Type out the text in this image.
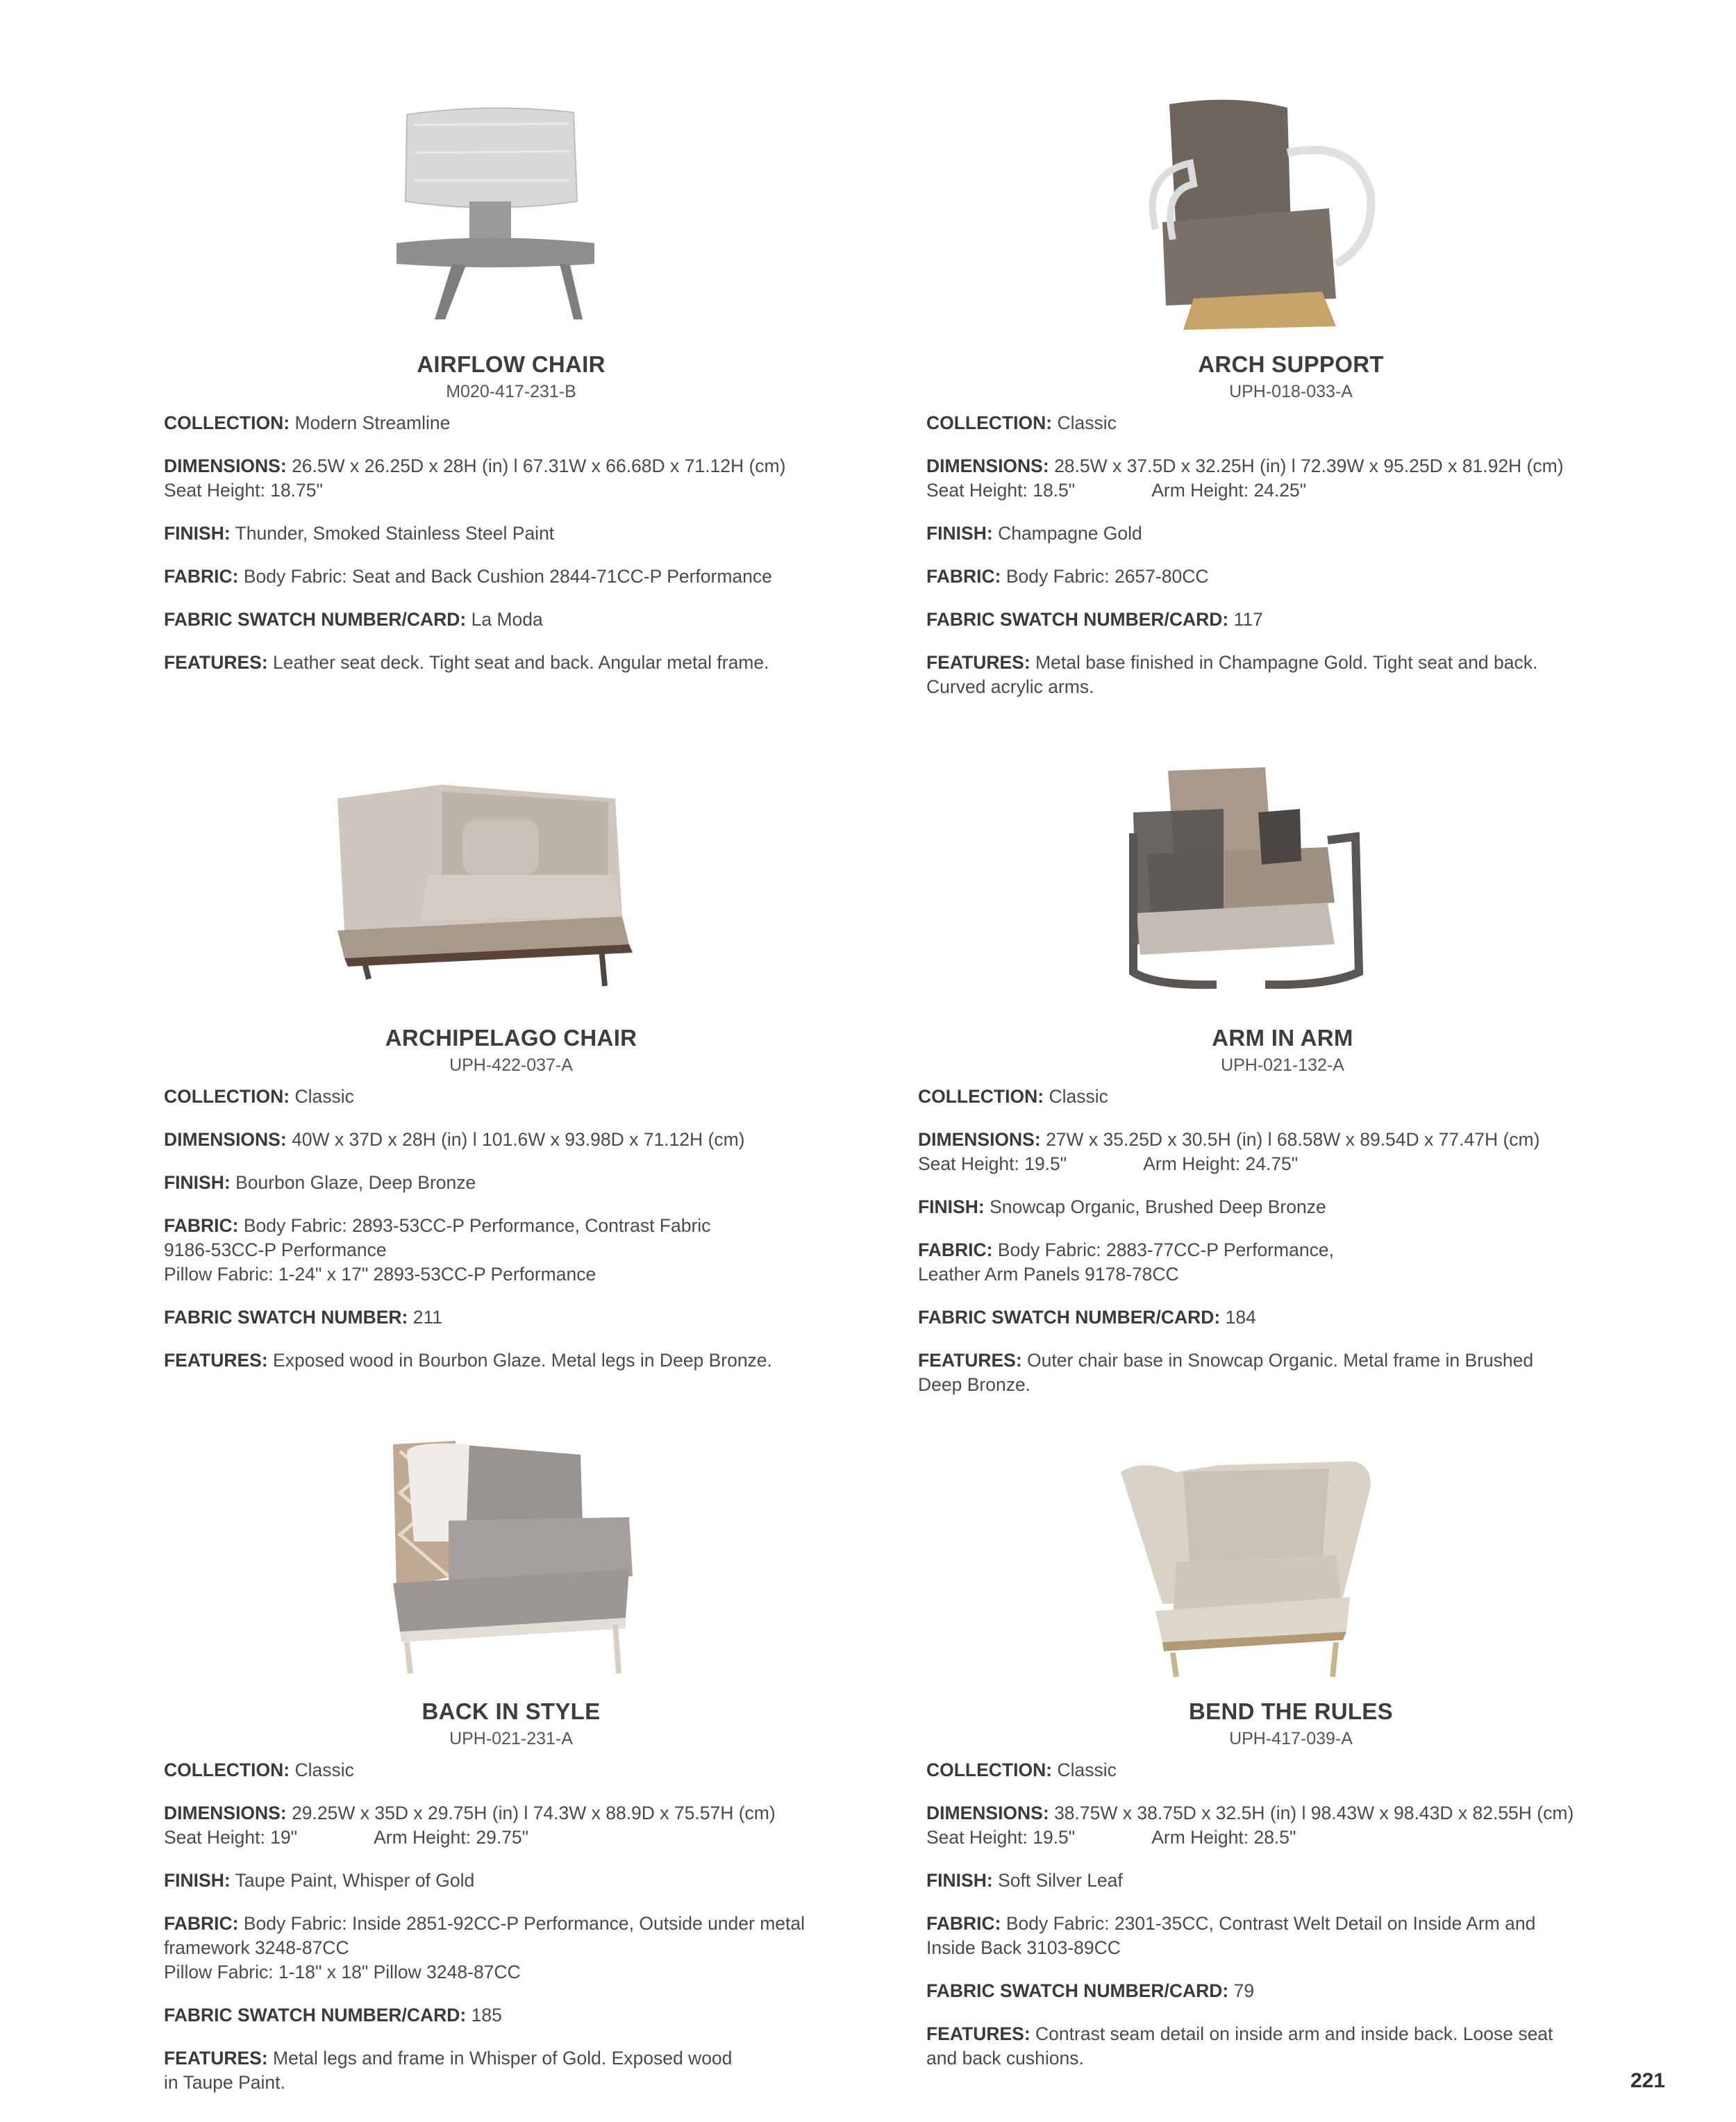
AIRFLOW CHAIR
M020-417-231-B
COLLECTION: Modern Streamline
DIMENSIONS: 26.5W x 26.25D x 28H (in) l 67.31W x 66.68D x 71.12H (cm)
Seat Height: 18.75"
FINISH: Thunder, Smoked Stainless Steel Paint
FABRIC: Body Fabric: Seat and Back Cushion 2844-71CC-P Performance
FABRIC SWATCH NUMBER/CARD: La Moda
FEATURES: Leather seat deck. Tight seat and back. Angular metal frame.
ARCH SUPPORT
UPH-018-033-A
COLLECTION: Classic
DIMENSIONS: 28.5W x 37.5D x 32.25H (in) l 72.39W x 95.25D x 81.92H (cm)
Seat Height: 18.5"	Arm Height: 24.25"
FINISH: Champagne Gold
FABRIC: Body Fabric: 2657-80CC
FABRIC SWATCH NUMBER/CARD: 117
FEATURES: Metal base finished in Champagne Gold. Tight seat and back.
Curved acrylic arms.
ARCHIPELAGO CHAIR
UPH-422-037-A
COLLECTION: Classic
DIMENSIONS: 40W x 37D x 28H (in) l 101.6W x 93.98D x 71.12H (cm)
FINISH: Bourbon Glaze, Deep Bronze
FABRIC: Body Fabric: 2893-53CC-P Performance, Contrast Fabric
9186-53CC-P Performance
Pillow Fabric: 1-24" x 17" 2893-53CC-P Performance
FABRIC SWATCH NUMBER: 211
FEATURES: Exposed wood in Bourbon Glaze. Metal legs in Deep Bronze.
ARM IN ARM
UPH-021-132-A
COLLECTION: Classic
DIMENSIONS: 27W x 35.25D x 30.5H (in) l 68.58W x 89.54D x 77.47H (cm)
Seat Height: 19.5"	Arm Height: 24.75"
FINISH: Snowcap Organic, Brushed Deep Bronze
FABRIC: Body Fabric: 2883-77CC-P Performance,
Leather Arm Panels 9178-78CC
FABRIC SWATCH NUMBER/CARD: 184
FEATURES: Outer chair base in Snowcap Organic. Metal frame in Brushed
Deep Bronze.
BACK IN STYLE
UPH-021-231-A
COLLECTION: Classic
DIMENSIONS: 29.25W x 35D x 29.75H (in) l 74.3W x 88.9D x 75.57H (cm)
Seat Height: 19"	Arm Height: 29.75"
FINISH: Taupe Paint, Whisper of Gold
FABRIC: Body Fabric: Inside 2851-92CC-P Performance, Outside under metal
framework 3248-87CC
Pillow Fabric: 1-18" x 18" Pillow 3248-87CC
FABRIC SWATCH NUMBER/CARD: 185
FEATURES: Metal legs and frame in Whisper of Gold. Exposed wood
in Taupe Paint.
BEND THE RULES
UPH-417-039-A
COLLECTION: Classic
DIMENSIONS: 38.75W x 38.75D x 32.5H (in) l 98.43W x 98.43D x 82.55H (cm)
Seat Height: 19.5"	Arm Height: 28.5"
FINISH: Soft Silver Leaf
FABRIC: Body Fabric: 2301-35CC, Contrast Welt Detail on Inside Arm and
Inside Back 3103-89CC
FABRIC SWATCH NUMBER/CARD: 79
FEATURES: Contrast seam detail on inside arm and inside back. Loose seat
and back cushions.
221
